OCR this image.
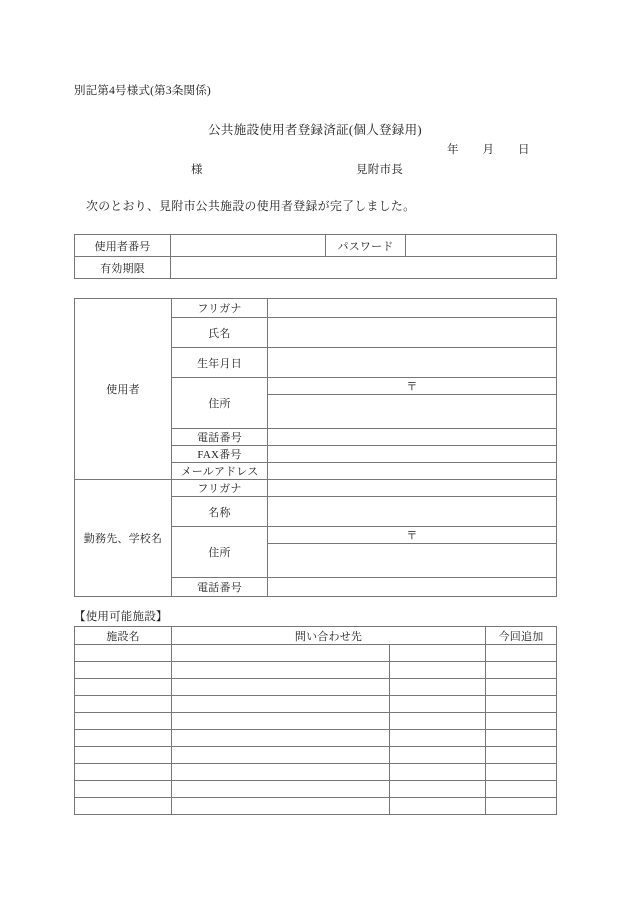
別記第4号様式(第3条関係)
公共施設使用者登録済証(個人登録用)
年 月 日
様	見附市長
次のとおり、見附市公共施設の使用者登録が完了しました。
使用者番号		パスワード	
有効期限			
使用者	フリガナ	
	氏名	
	生年月日	
	住所	〒

	電話番号	
	FAX番号	
	メールアドレス	
勤務先、学校名	フリガナ	
	名称	
	住所	〒

	電話番号	
【使用可能施設】
施設名	問い合わせ先		今回追加
